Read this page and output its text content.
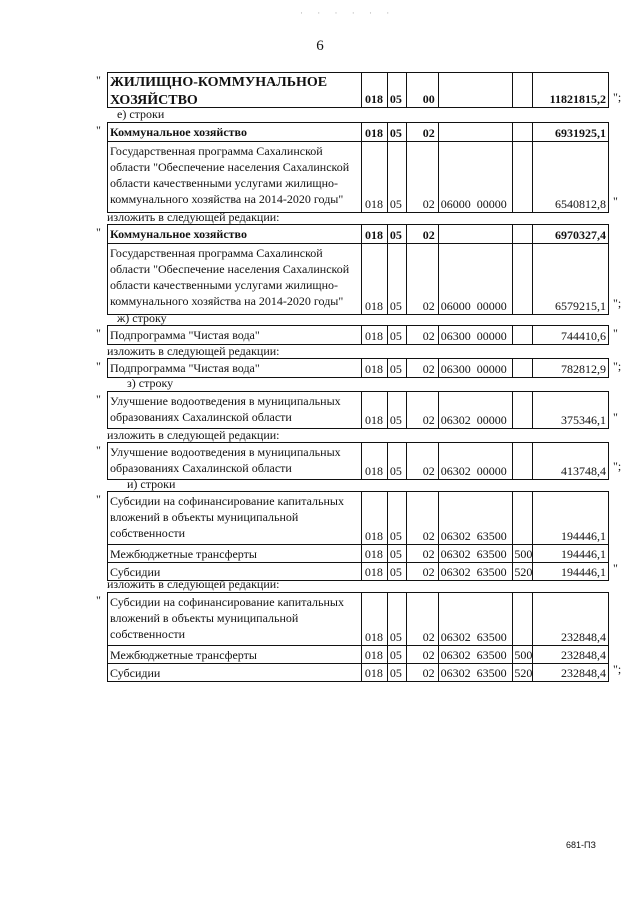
· · · · · ·
6
" ЖИЛИЩНО-КОММУНАЛЬНОЕ ХОЗЯЙСТВО	018 05	00	11821815,2 ";
е) строки
" Коммунальное хозяйство	018 05	02	6931925,1
Государственная программа Сахалинской области "Обеспечение населения Сахалинской области качественными услугами жилищно-коммунального хозяйства на 2014-2020 годы"	018 05	02 06000  00000	6540812,8 "
изложить в следующей редакции:
" Коммунальное хозяйство	018 05	02	6970327,4
Государственная программа Сахалинской области "Обеспечение населения Сахалинской области качественными услугами жилищно-коммунального хозяйства на 2014-2020 годы"	018 05	02 06000  00000	6579215,1 ";
ж) строку
" Подпрограмма "Чистая вода"	018 05	02 06300  00000	744410,6 "
изложить в следующей редакции:
" Подпрограмма "Чистая вода"	018 05	02 06300  00000	782812,9 ";
з) строку
" Улучшение водоотведения в муниципальных образованиях Сахалинской области	018 05	02 06302  00000	375346,1 "
изложить в следующей редакции:
" Улучшение водоотведения в муниципальных образованиях Сахалинской области	018 05	02 06302  00000	413748,4 ";
и) строки
" Субсидии на софинансирование капитальных вложений в объекты муниципальной собственности	018 05	02 06302  63500	194446,1
Межбюджетные трансферты	018 05	02 06302  63500 500	194446,1
Субсидии	018 05	02 06302  63500 520	194446,1 "
изложить в следующей редакции:
" Субсидии на софинансирование капитальных вложений в объекты муниципальной собственности	018 05	02 06302  63500	232848,4
Межбюджетные трансферты	018 05	02 06302  63500 500	232848,4
Субсидии	018 05	02 06302  63500 520	232848,4 ";
681-ПЗ
